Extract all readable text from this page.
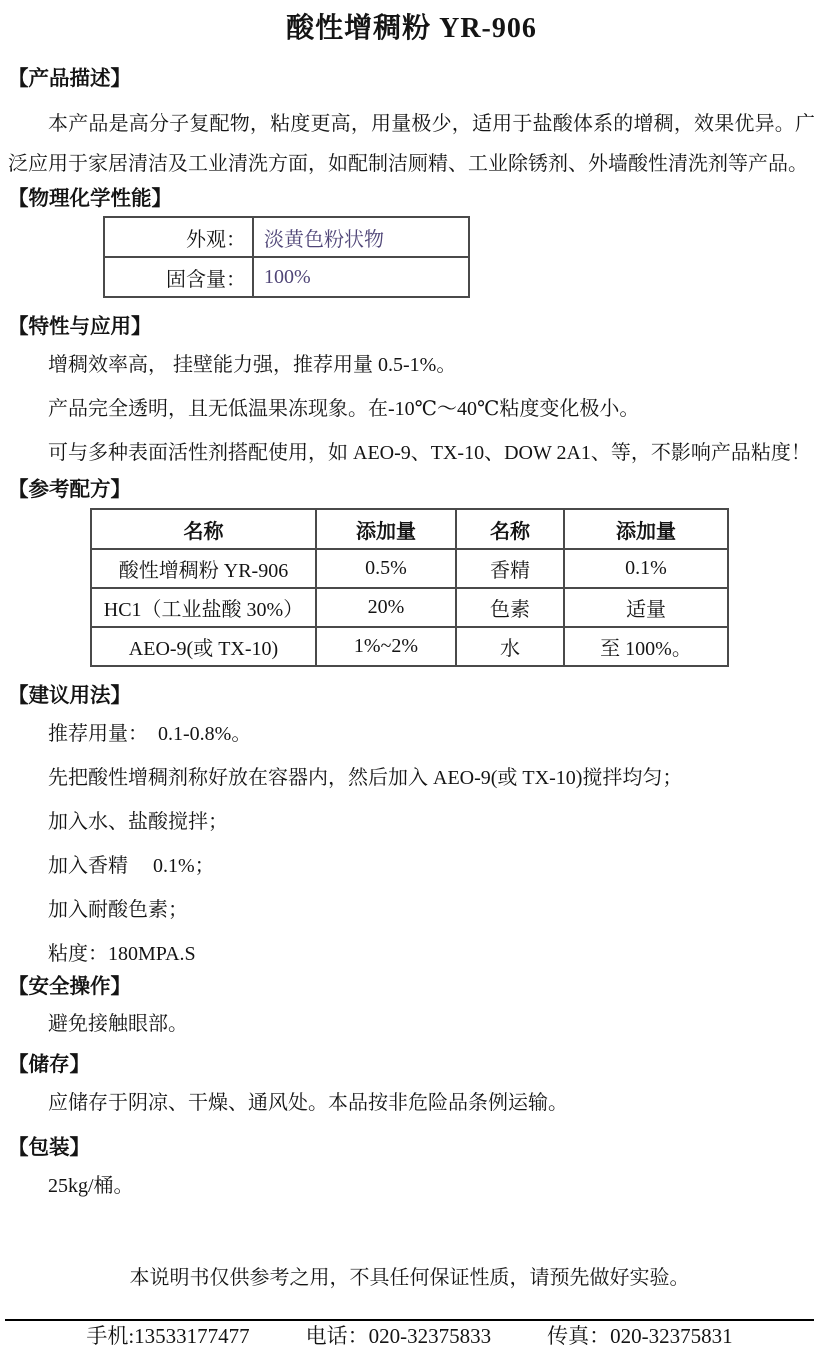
酸性增稠粉 YR-906
【产品描述】

本产品是高分子复配物，粘度更高，用量极少，适用于盐酸体系的增稠，效果优异。广泛应用于家居清洁及工业清洗方面，如配制洁厕精、工业除锈剂、外墙酸性清洗剂等产品。

【物理化学性能】
外观：	淡黄色粉状物
固含量：	100%
【特性与应用】

增稠效率高， 挂壁能力强，推荐用量 0.5-1%。

产品完全透明，且无低温果冻现象。在-10℃～40℃粘度变化极小。

可与多种表面活性剂搭配使用，如 AEO-9、TX-10、DOW 2A1、等，不影响产品粘度！

【参考配方】
名称	添加量	名称	添加量
酸性增稠粉 YR-906	0.5%	香精	0.1%
HC1（工业盐酸 30%）	20%	色素	适量
AEO-9(或 TX-10)	1%~2%	水	至 100%。
【建议用法】

推荐用量：  0.1-0.8%。

先把酸性增稠剂称好放在容器内，然后加入 AEO-9(或 TX-10)搅拌均匀；

加入水、盐酸搅拌；

加入香精     0.1%；

加入耐酸色素；

粘度：180MPA.S

【安全操作】

避免接触眼部。

【储存】

应储存于阴凉、干燥、通风处。本品按非危险品条例运输。

【包装】

25kg/桶。

本说明书仅供参考之用，不具任何保证性质，请预先做好实验。

手机:13533177477	电话：020-32375833	传真：020-32375831
